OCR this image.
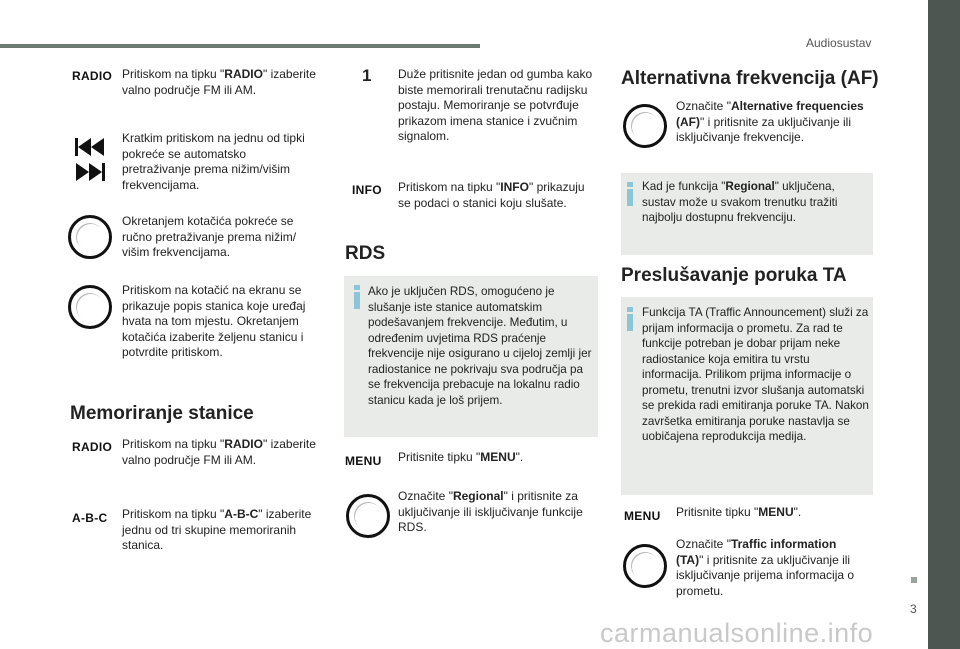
Audiosustav
3
RADIO Pritiskom na tipku "RADIO" izaberite valno područje FM ili AM.
Kratkim pritiskom na jednu od tipki pokreće se automatsko pretraživanje prema nižim/višim frekvencijama.
Okretanjem kotačića pokreće se ručno pretraživanje prema nižim/ višim frekvencijama.
Pritiskom na kotačić na ekranu se prikazuje popis stanica koje uređaj hvata na tom mjestu. Okretanjem kotačića izaberite željenu stanicu i potvrdite pritiskom.
Memoriranje stanice
RADIO Pritiskom na tipku "RADIO" izaberite valno područje FM ili AM.
A-B-C Pritiskom na tipku "A-B-C" izaberite jednu od tri skupine memoriranih stanica.
1 Duže pritisnite jedan od gumba kako biste memorirali trenutačnu radijsku postaju. Memoriranje se potvrđuje prikazom imena stanice i zvučnim signalom.
INFO Pritiskom na tipku "INFO" prikazuju se podaci o stanici koju slušate.
RDS
Ako je uključen RDS, omogućeno je slušanje iste stanice automatskim podešavanjem frekvencije. Međutim, u određenim uvjetima RDS praćenje frekvencije nije osigurano u cijeloj zemlji jer radiostanice ne pokrivaju sva područja pa se frekvencija prebacuje na lokalnu radio stanicu kada je loš prijem.
MENU Pritisnite tipku "MENU".
Označite "Regional" i pritisnite za uključivanje ili isključivanje funkcije RDS.
Alternativna frekvencija (AF)
Označite "Alternative frequencies (AF)" i pritisnite za uključivanje ili isključivanje frekvencije.
Kad je funkcija "Regional" uključena, sustav može u svakom trenutku tražiti najbolju dostupnu frekvenciju.
Preslušavanje poruka TA
Funkcija TA (Traffic Announcement) služi za prijam informacija o prometu. Za rad te funkcije potreban je dobar prijam neke radiostanice koja emitira tu vrstu informacija. Prilikom prijma informacije o prometu, trenutni izvor slušanja automatski se prekida radi emitiranja poruke TA. Nakon završetka emitiranja poruke nastavlja se uobičajena reprodukcija medija.
MENU Pritisnite tipku "MENU".
Označite "Traffic information (TA)" i pritisnite za uključivanje ili isključivanje prijema informacija o prometu.
carmanualsonline.info
